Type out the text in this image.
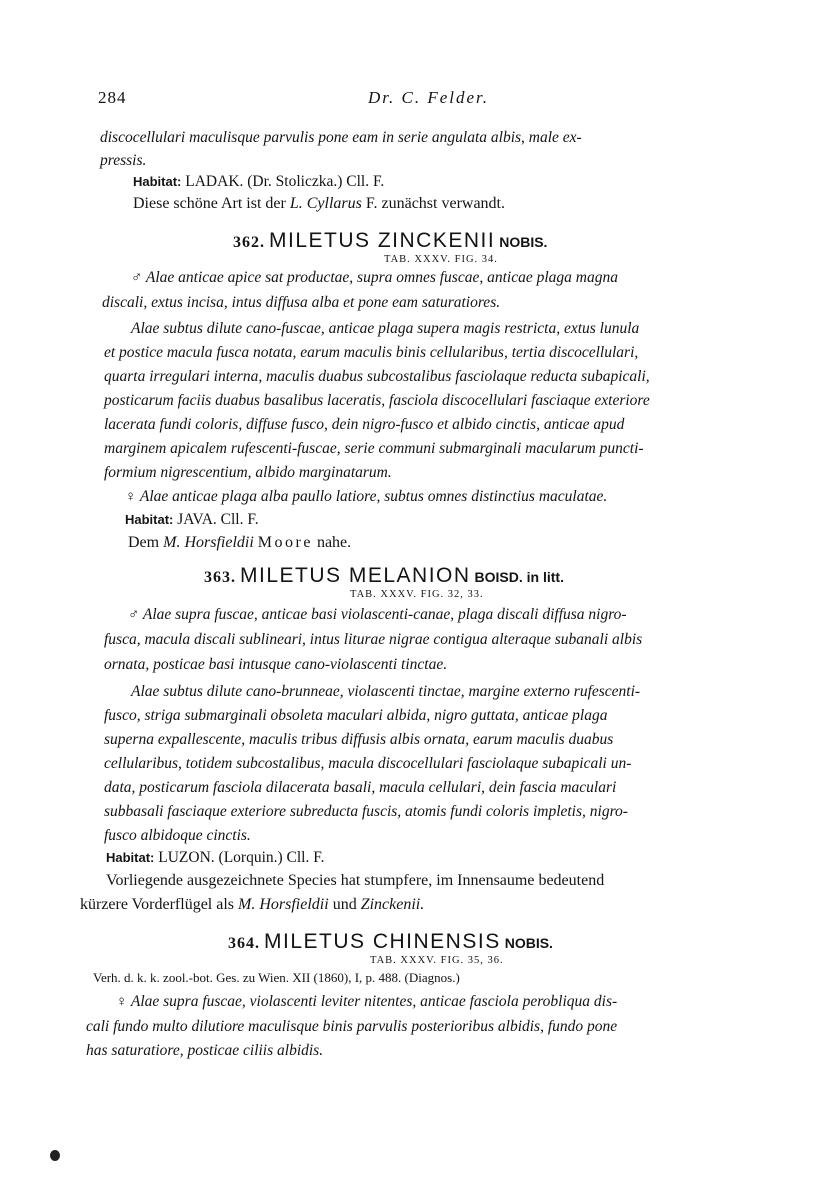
284	Dr. C. Felder.
discocellulari maculisque parvulis pone eam in serie angulata albis, male ex-
pressis.
Habitat: LADAK. (Dr. Stoliczka.) Cll. F.
Diese schöne Art ist der L. Cyllarus F. zunächst verwandt.
362. MILETUS ZINCKENII NOBIS.
TAB. XXXV. FIG. 34.
♂ Alae anticae apice sat productae, supra omnes fuscae, anticae plaga magna
discali, extus incisa, intus diffusa alba et pone eam saturatiores.
Alae subtus dilute cano-fuscae, anticae plaga supera magis restricta, extus lunula
et postice macula fusca notata, earum maculis binis cellularibus, tertia discocellulari,
quarta irregulari interna, maculis duabus subcostalibus fasciolaque reducta subapicali,
posticarum faciis duabus basalibus laceratis, fasciola discocellulari fasciaque exteriore
lacerata fundi coloris, diffuse fusco, dein nigro-fusco et albido cinctis, anticae apud
marginem apicalem rufescenti-fuscae, serie communi submarginali macularum puncti-
formium nigrescentium, albido marginatarum.
♀ Alae anticae plaga alba paullo latiore, subtus omnes distinctius maculatae.
Habitat: JAVA. Cll. F.
Dem M. Horsfieldii Moore nahe.
363. MILETUS MELANION BOISD. in litt.
TAB. XXXV. FIG. 32, 33.
♂ Alae supra fuscae, anticae basi violascenti-canae, plaga discali diffusa nigro-
fusca, macula discali sublineari, intus liturae nigrae contigua alteraque subanali albis
ornata, posticae basi intusque cano-violascenti tinctae.
Alae subtus dilute cano-brunneae, violascenti tinctae, margine externo rufescenti-
fusco, striga submarginali obsoleta maculari albida, nigro guttata, anticae plaga
superna expallescente, maculis tribus diffusis albis ornata, earum maculis duabus
cellularibus, totidem subcostalibus, macula discocellulari fasciolaque subapicali un-
data, posticarum fasciola dilacerata basali, macula cellulari, dein fascia maculari
subbasali fasciaque exteriore subreducta fuscis, atomis fundi coloris impletis, nigro-
fusco albidoque cinctis.
Habitat: LUZON. (Lorquin.) Cll. F.
Vorliegende ausgezeichnete Species hat stumpfere, im Innensaume bedeutend
kürzere Vorderflügel als M. Horsfieldii und Zinckenii.
364. MILETUS CHINENSIS NOBIS.
TAB. XXXV. FIG. 35, 36.
Verh. d. k. k. zool.-bot. Ges. zu Wien. XII (1860), I, p. 488. (Diagnos.)
♀ Alae supra fuscae, violascenti leviter nitentes, anticae fasciola perobliqua dis-
cali fundo multo dilutiore maculisque binis parvulis posterioribus albidis, fundo pone
has saturatiore, posticae ciliis albidis.
